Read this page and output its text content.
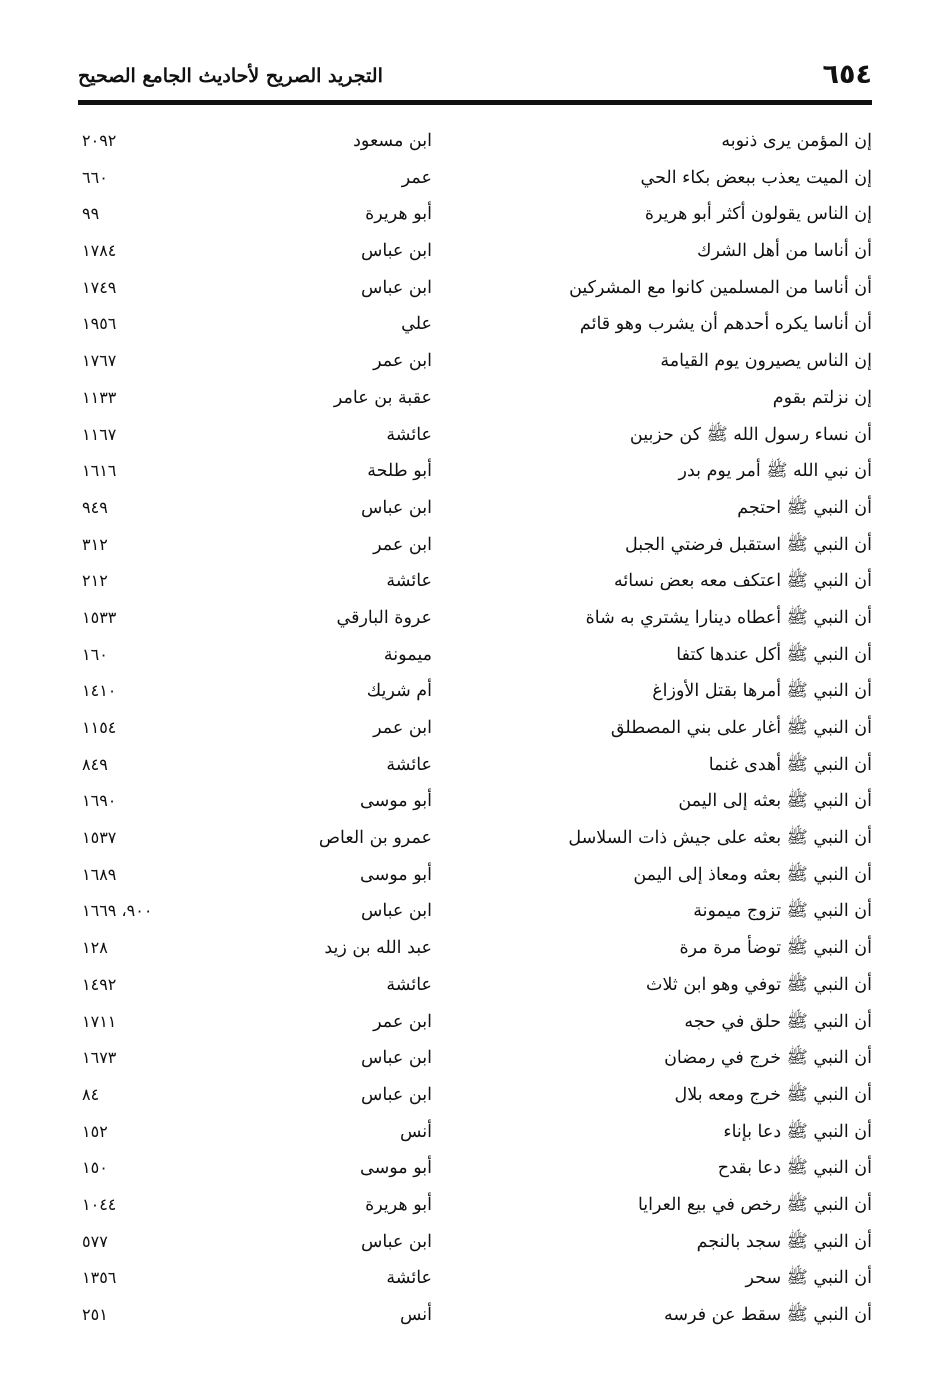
٦٥٤
التجريد الصريح لأحاديث الجامع الصحيح
إن المؤمن يرى ذنوبه
ابن مسعود
٢٠٩٢
إن الميت يعذب ببعض بكاء الحي
عمر
٦٦٠
إن الناس يقولون أكثر أبو هريرة
أبو هريرة
٩٩
أن أناسا من أهل الشرك
ابن عباس
١٧٨٤
أن أناسا من المسلمين كانوا مع المشركين
ابن عباس
١٧٤٩
أن أناسا يكره أحدهم أن يشرب وهو قائم
علي
١٩٥٦
إن الناس يصيرون يوم القيامة
ابن عمر
١٧٦٧
إن نزلتم بقوم
عقبة بن عامر
١١٣٣
أن نساء رسول الله ﷺ كن حزبين
عائشة
١١٦٧
أن نبي الله ﷺ أمر يوم بدر
أبو طلحة
١٦١٦
أن النبي ﷺ احتجم
ابن عباس
٩٤٩
أن النبي ﷺ استقبل فرضتي الجبل
ابن عمر
٣١٢
أن النبي ﷺ اعتكف معه بعض نسائه
عائشة
٢١٢
أن النبي ﷺ أعطاه دينارا يشتري به شاة
عروة البارقي
١٥٣٣
أن النبي ﷺ أكل عندها كتفا
ميمونة
١٦٠
أن النبي ﷺ أمرها بقتل الأوزاغ
أم شريك
١٤١٠
أن النبي ﷺ أغار على بني المصطلق
ابن عمر
١١٥٤
أن النبي ﷺ أهدى غنما
عائشة
٨٤٩
أن النبي ﷺ بعثه إلى اليمن
أبو موسى
١٦٩٠
أن النبي ﷺ بعثه على جيش ذات السلاسل
عمرو بن العاص
١٥٣٧
أن النبي ﷺ بعثه ومعاذ إلى اليمن
أبو موسى
١٦٨٩
أن النبي ﷺ تزوج ميمونة
ابن عباس
٩٠٠، ١٦٦٩
أن النبي ﷺ توضأ مرة مرة
عبد الله بن زيد
١٢٨
أن النبي ﷺ توفي وهو ابن ثلاث
عائشة
١٤٩٢
أن النبي ﷺ حلق في حجه
ابن عمر
١٧١١
أن النبي ﷺ خرج في رمضان
ابن عباس
١٦٧٣
أن النبي ﷺ خرج ومعه بلال
ابن عباس
٨٤
أن النبي ﷺ دعا بإناء
أنس
١٥٢
أن النبي ﷺ دعا بقدح
أبو موسى
١٥٠
أن النبي ﷺ رخص في بيع العرايا
أبو هريرة
١٠٤٤
أن النبي ﷺ سجد بالنجم
ابن عباس
٥٧٧
أن النبي ﷺ سحر
عائشة
١٣٥٦
أن النبي ﷺ سقط عن فرسه
أنس
٢٥١
